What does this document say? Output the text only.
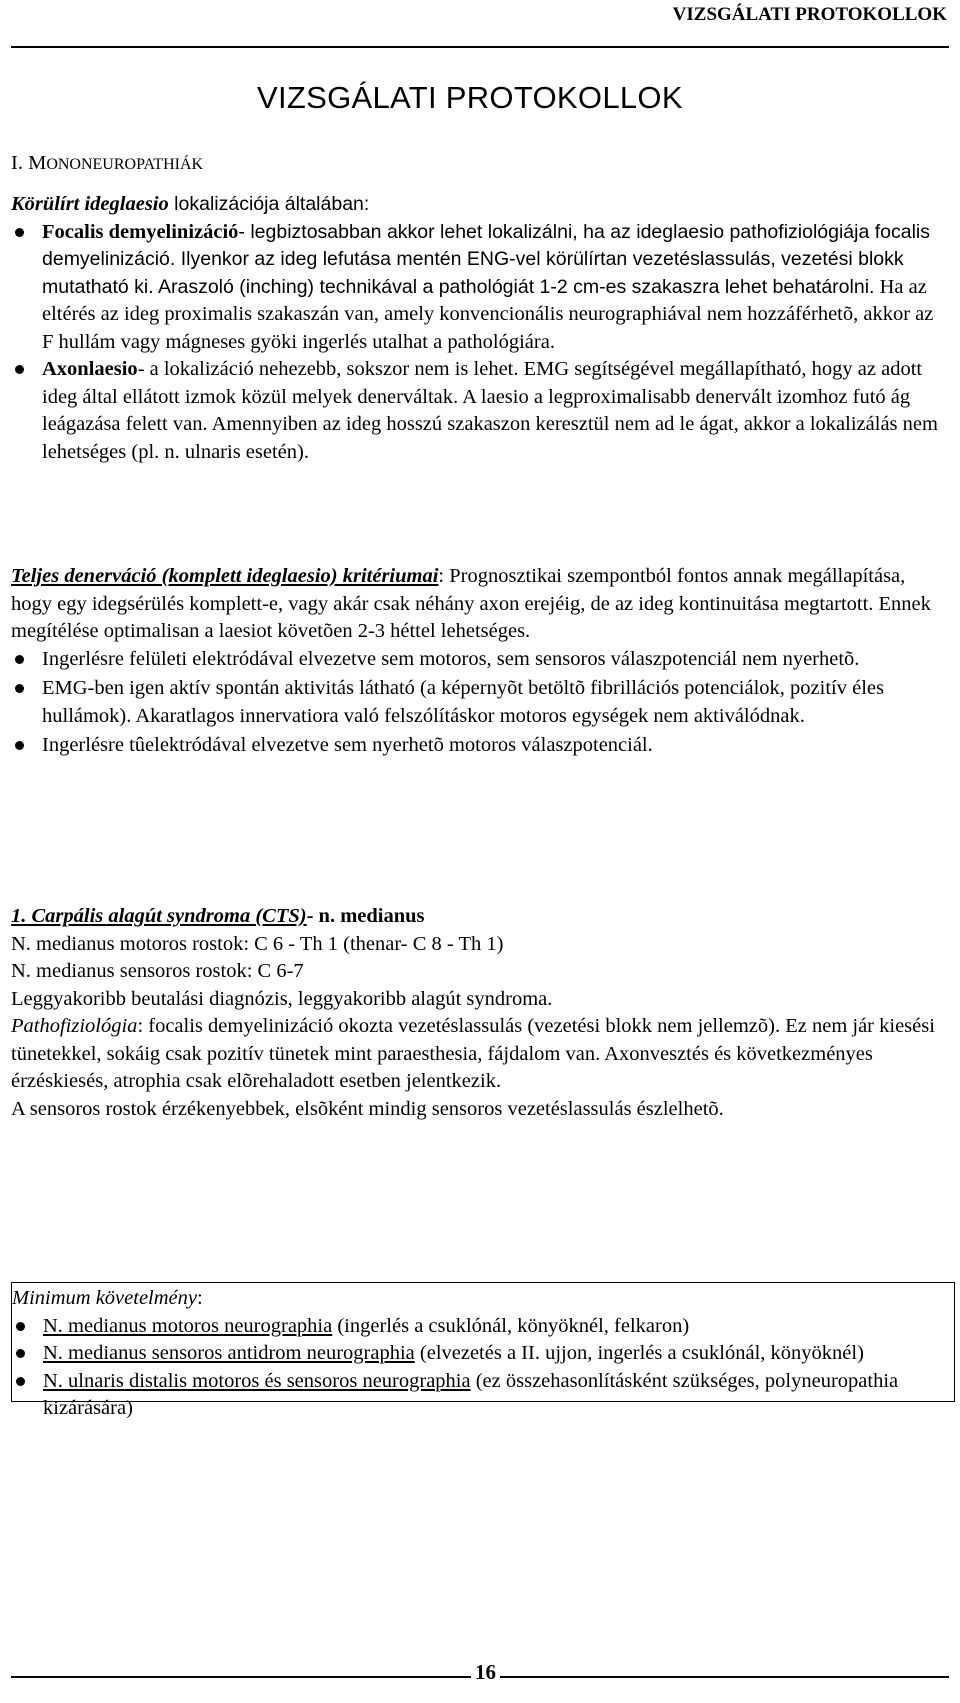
VIZSGÁLATI PROTOKOLLOK
VIZSGÁLATI PROTOKOLLOK
I. MONONEUROPATHIÁK

Körülírt ideglaesio lokalizációja általában:

Focalis demyelinizáció- legbiztosabban akkor lehet lokalizálni, ha az ideglaesio pathofiziológiája focalis demyelinizáció. Ilyenkor az ideg lefutása mentén ENG-vel körülírtan vezetéslassulás, vezetési blokk mutatható ki. Araszoló (inching) technikával a pathológiát 1-2 cm-es szakaszra lehet behatárolni. Ha az eltérés az ideg proximalis szakaszán van, amely konvencionális neurographiával nem hozzáférhetõ, akkor az F hullám vagy mágneses gyöki ingerlés utalhat a pathológiára.
Axonlaesio- a lokalizáció nehezebb, sokszor nem is lehet. EMG segítségével megállapítható, hogy az adott ideg által ellátott izmok közül melyek denerváltak. A laesio a legproximalisabb denervált izomhoz futó ág leágazása felett van. Amennyiben az ideg hosszú szakaszon keresztül nem ad le ágat, akkor a lokalizálás nem lehetséges (pl. n. ulnaris esetén).

Teljes denerváció (komplett ideglaesio) kritériumai: Prognosztikai szempontból fontos annak megállapítása, hogy egy idegsérülés komplett-e, vagy akár csak néhány axon erejéig, de az ideg kontinuitása megtartott. Ennek megítélése optimalisan a laesiot követõen 2-3 héttel lehetséges.

Ingerlésre felületi elektródával elvezetve sem motoros, sem sensoros válaszpotenciál nem nyerhetõ.
EMG-ben igen aktív spontán aktivitás látható (a képernyõt betöltõ fibrillációs potenciálok, pozitív éles hullámok). Akaratlagos innervatiora való felszólításkor motoros egységek nem aktiválódnak.
Ingerlésre tûelektródával elvezetve sem nyerhetõ motoros válaszpotenciál.

1. Carpális alagút syndroma (CTS)- n. medianus

N. medianus motoros rostok: C 6 - Th 1 (thenar- C 8 - Th 1)

N. medianus sensoros rostok: C 6-7

Leggyakoribb beutalási diagnózis, leggyakoribb alagút syndroma.

Pathofiziológia: focalis demyelinizáció okozta vezetéslassulás (vezetési blokk nem jellemzõ). Ez nem jár kiesési tünetekkel, sokáig csak pozitív tünetek mint paraesthesia, fájdalom van. Axonvesztés és következményes érzéskiesés, atrophia csak elõrehaladott esetben jelentkezik.

A sensoros rostok érzékenyebbek, elsõként mindig sensoros vezetéslassulás észlelhetõ.

Minimum követelmény:

N. medianus motoros neurographia (ingerlés a csuklónál, könyöknél, felkaron)
N. medianus sensoros antidrom neurographia (elvezetés a II. ujjon, ingerlés a csuklónál, könyöknél)
N. ulnaris distalis motoros és sensoros neurographia (ez összehasonlításként szükséges, polyneuropathia kizárására)
16
